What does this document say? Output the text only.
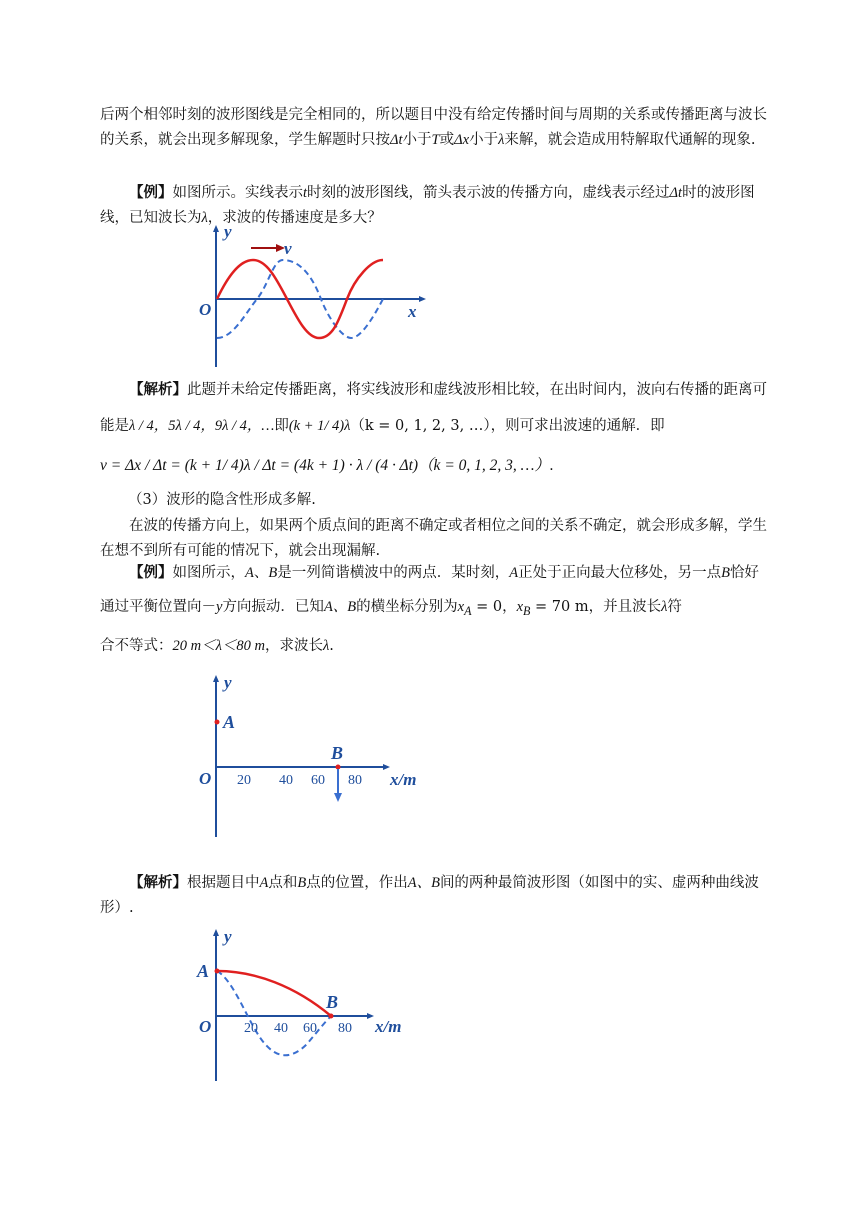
后两个相邻时刻的波形图线是完全相同的，所以题目中没有给定传播时间与周期的关系或传播距离与波长的关系，就会出现多解现象，学生解题时只按Δt小于T或Δx小于λ来解，就会造成用特解取代通解的现象.

【例】如图所示。实线表示t时刻的波形图线，箭头表示波的传播方向，虚线表示经过Δt时的波形图线，已知波长为λ，求波的传播速度是多大？

v
y
x
O

【解析】此题并未给定传播距离，将实线波形和虚线波形相比较，在出时间内，波向右传播的距离可能是λ / 4，5λ / 4，9λ / 4，…即(k + 1/ 4)λ（k = 0, 1, 2, 3, …），则可求出波速的通解．即

v = Δx / Δt = (k + 1/ 4)λ / Δt = (4k + 1) · λ / (4 · Δt)（k = 0, 1, 2, 3, …）.

（3）波形的隐含性形成多解.

在波的传播方向上，如果两个质点间的距离不确定或者相位之间的关系不确定，就会形成多解，学生在想不到所有可能的情况下，就会出现漏解.

【例】如图所示，A、B是一列简谐横波中的两点．某时刻，A正处于正向最大位移处，另一点B恰好通过平衡位置向－y方向振动．已知A、B的横坐标分别为$x_A = 0$，$x_B = 70$ m，并且波长λ符

合不等式：20 m＜λ＜80 m，求波长λ.

y
O 20 40 60 80 x/m
A
B

【解析】根据题目中A点和B点的位置，作出A、B间的两种最简波形图（如图中的实、虚两种曲线波形）.

y
A
B
O 20 40 60 80 x/m
